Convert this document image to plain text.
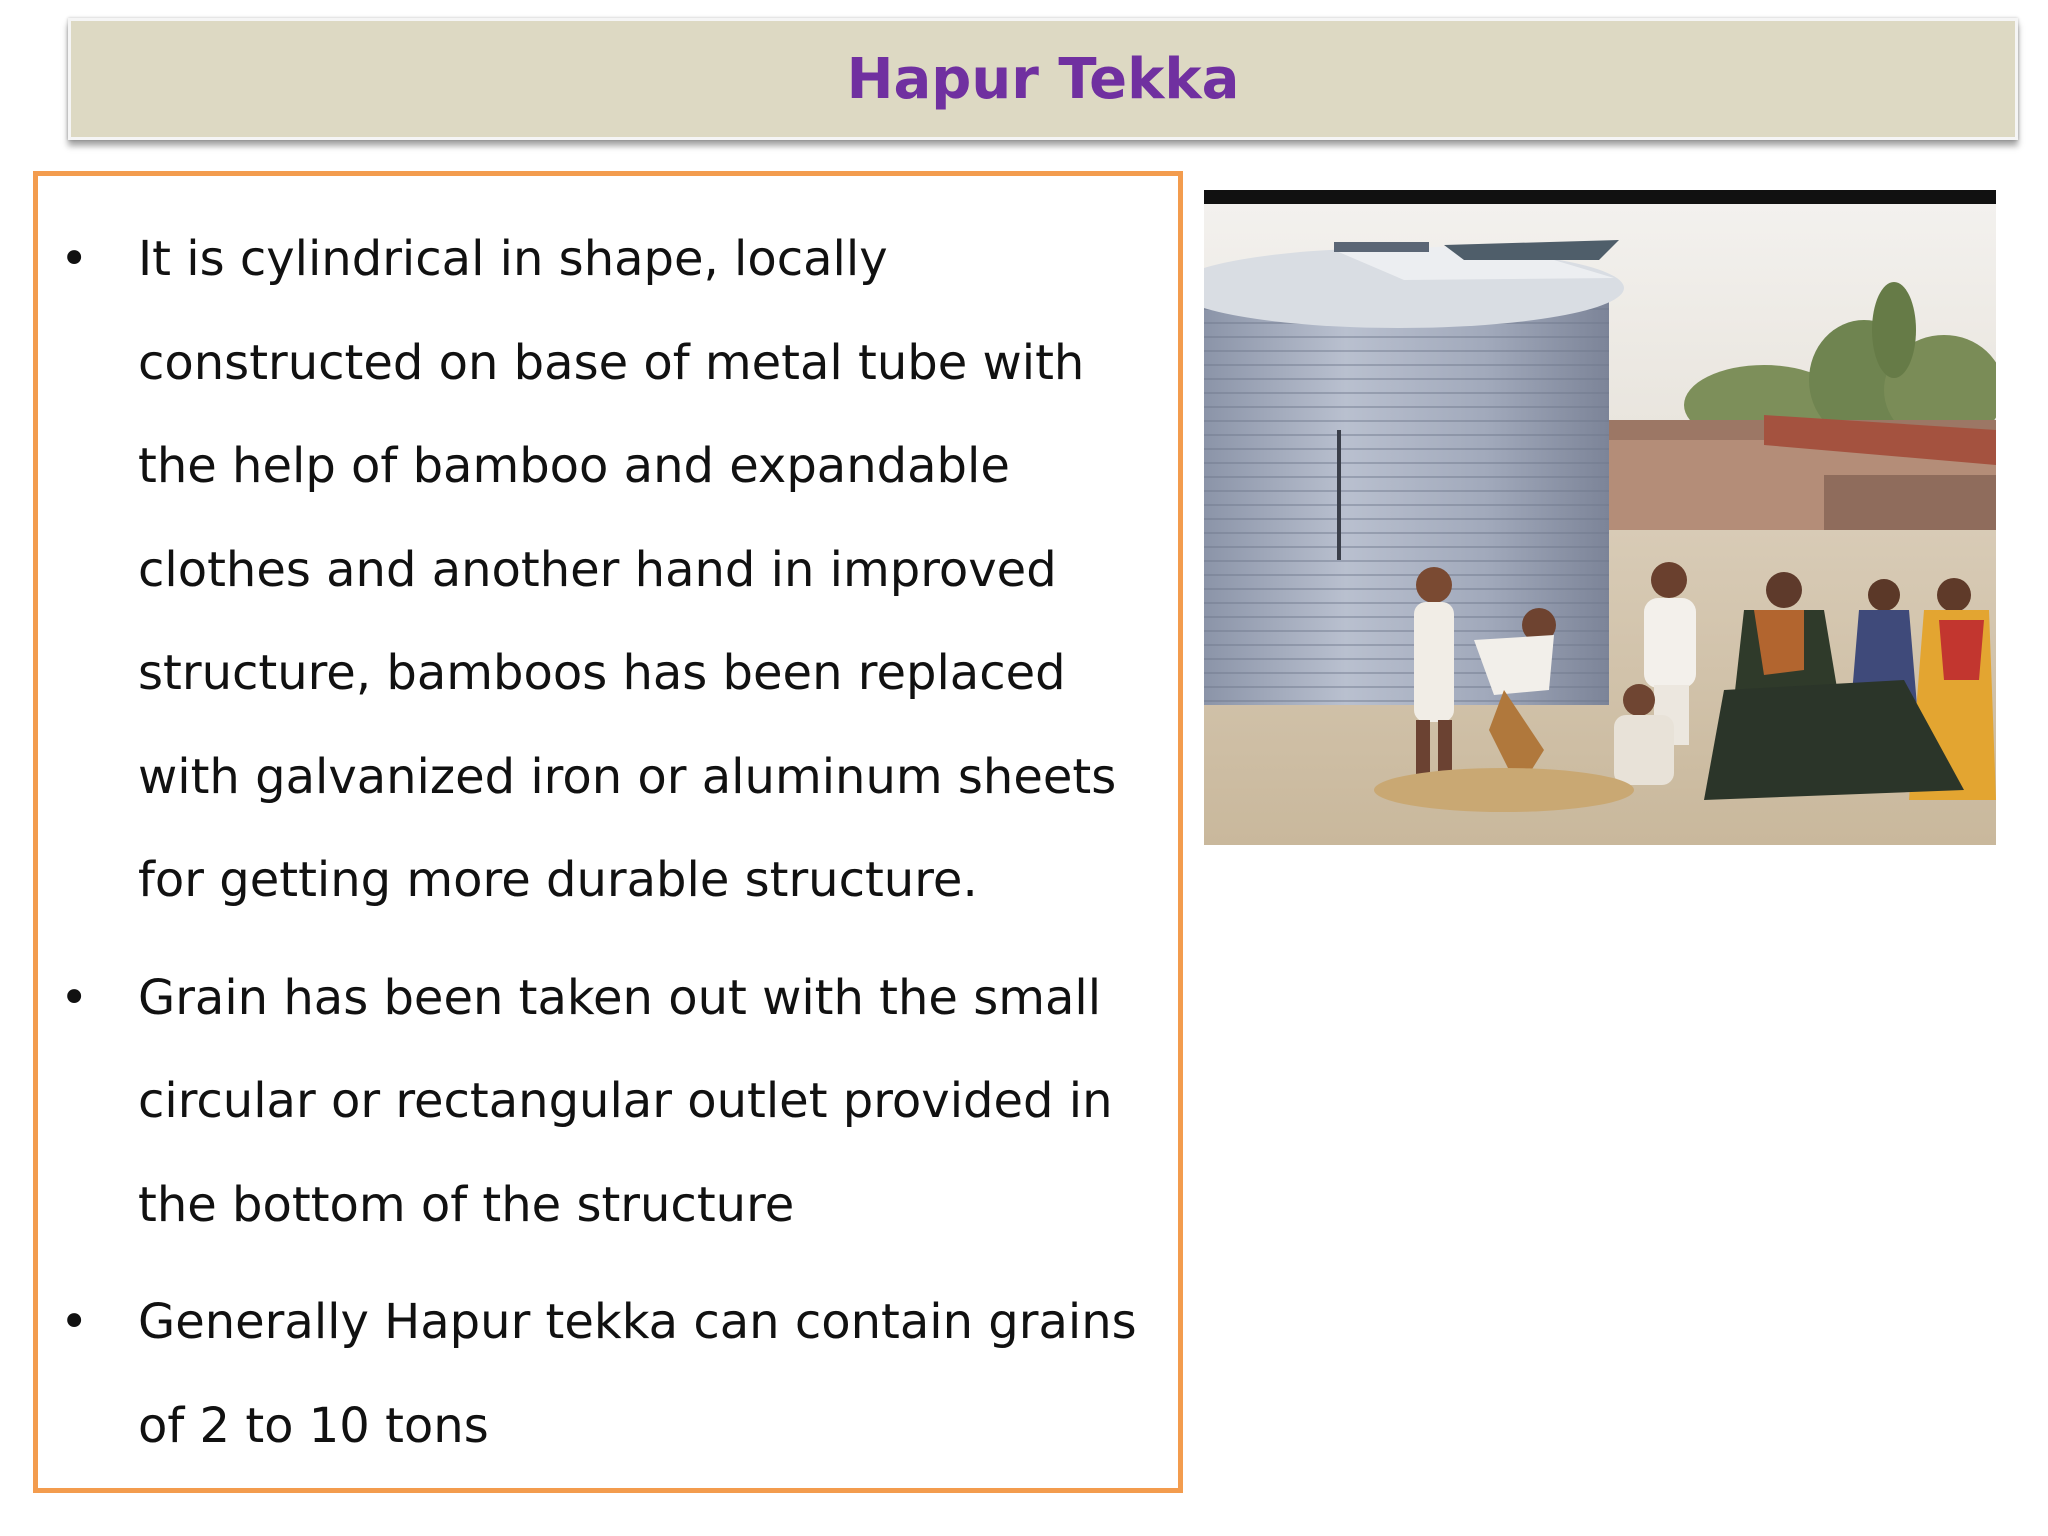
Hapur Tekka
• It is cylindrical in shape, locally constructed on base of metal tube with the help of bamboo and expandable clothes and another hand in improved structure, bamboos has been replaced with galvanized iron or aluminum sheets for getting more durable structure.
• Grain has been taken out with the small circular or rectangular outlet provided in the bottom of the structure
• Generally Hapur tekka can contain grains of 2 to 10 tons
